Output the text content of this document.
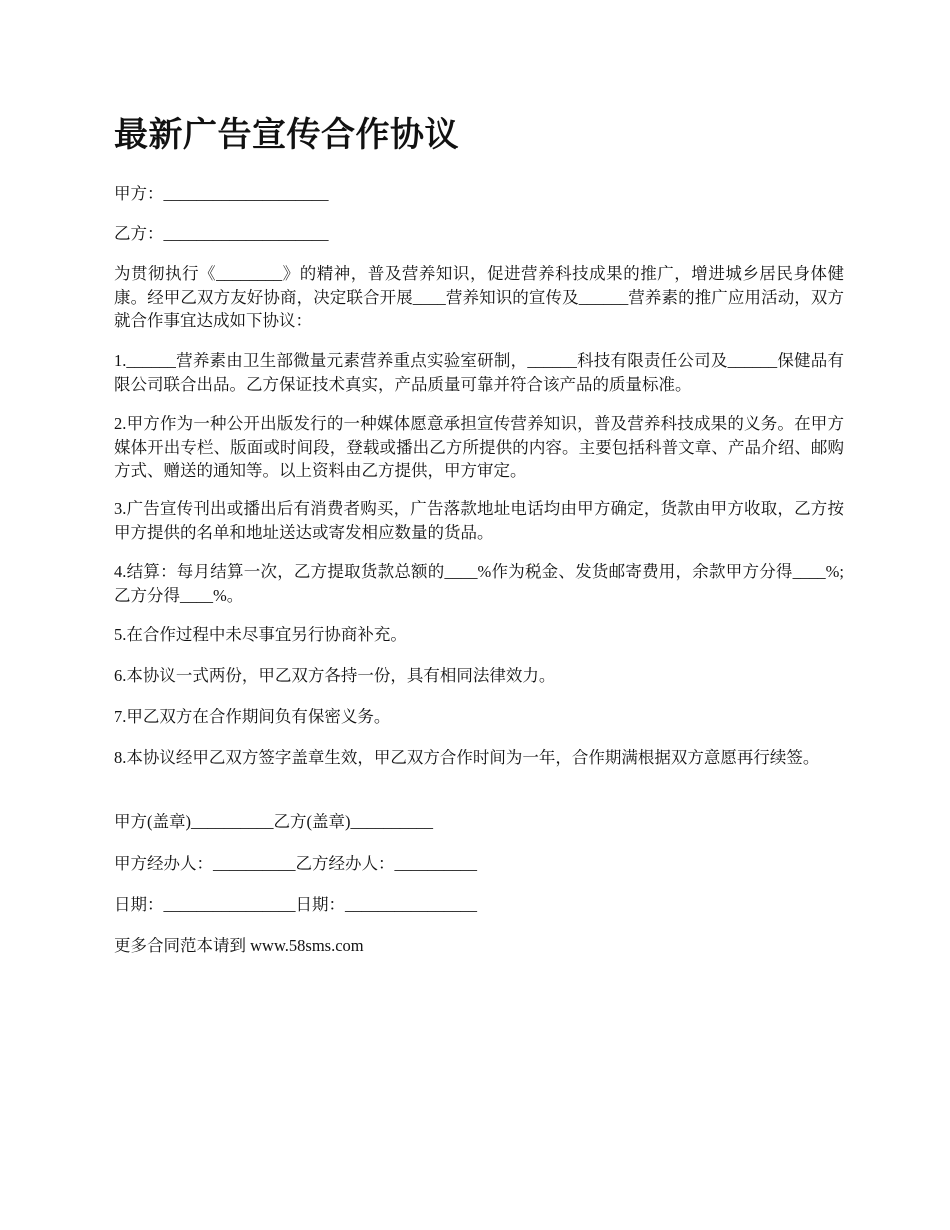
最新广告宣传合作协议

甲方：____________________

乙方：____________________

为贯彻执行《________》的精神，普及营养知识，促进营养科技成果的推广，增进城乡居民身体健康。经甲乙双方友好协商，决定联合开展____营养知识的宣传及______营养素的推广应用活动，双方就合作事宜达成如下协议：

1.______营养素由卫生部微量元素营养重点实验室研制，______科技有限责任公司及______保健品有限公司联合出品。乙方保证技术真实，产品质量可靠并符合该产品的质量标准。

2.甲方作为一种公开出版发行的一种媒体愿意承担宣传营养知识，普及营养科技成果的义务。在甲方媒体开出专栏、版面或时间段，登载或播出乙方所提供的内容。主要包括科普文章、产品介绍、邮购方式、赠送的通知等。以上资料由乙方提供，甲方审定。

3.广告宣传刊出或播出后有消费者购买，广告落款地址电话均由甲方确定，货款由甲方收取，乙方按甲方提供的名单和地址送达或寄发相应数量的货品。

4.结算：每月结算一次，乙方提取货款总额的____%作为税金、发货邮寄费用，余款甲方分得____%;乙方分得____%。

5.在合作过程中未尽事宜另行协商补充。

6.本协议一式两份，甲乙双方各持一份，具有相同法律效力。

7.甲乙双方在合作期间负有保密义务。

8.本协议经甲乙双方签字盖章生效，甲乙双方合作时间为一年，合作期满根据双方意愿再行续签。

甲方(盖章)__________乙方(盖章)__________

甲方经办人：__________乙方经办人：__________

日期：________________日期：________________

更多合同范本请到 www.58sms.com
